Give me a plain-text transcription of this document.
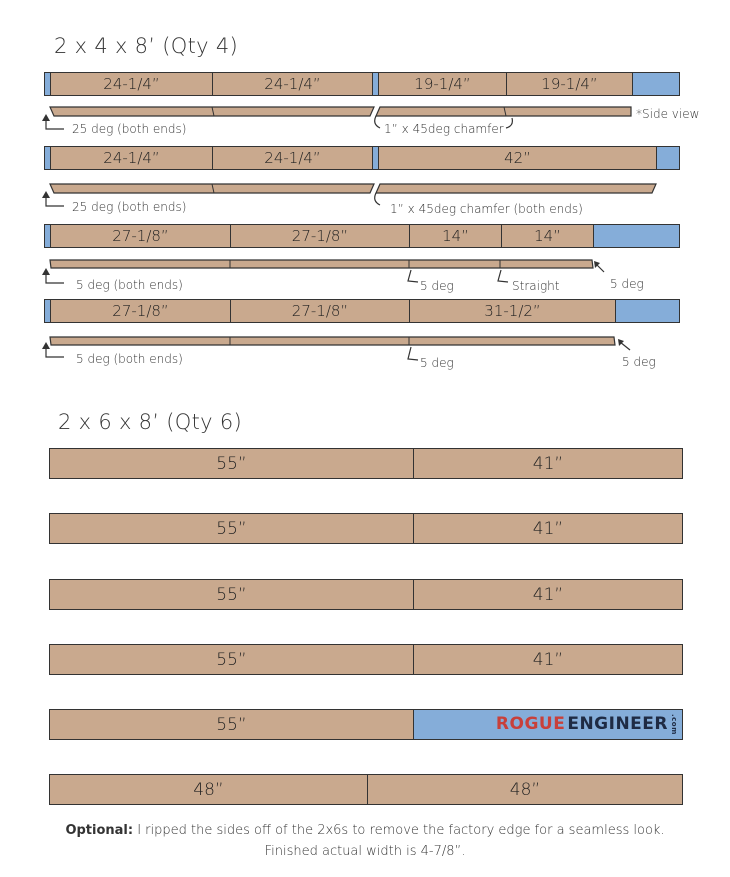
2 x 4 x 8’ (Qty 4)
24-1/4”	24-1/4”	19-1/4”	19-1/4”
25 deg (both ends)	1” x 45deg chamfer
*Side view
24-1/4”	24-1/4”	42”
25 deg (both ends)	1” x 45deg chamfer (both ends)
27-1/8”	27-1/8”	14”	14”
5 deg (both ends)	5 deg	Straight	5 deg
27-1/8”	27-1/8”	31-1/2”
5 deg (both ends)	5 deg	5 deg
2 x 6 x 8’ (Qty 6)
55”	41”
55”	41”
55”	41”
55”	41”
55”	ROGUE ENGINEER .com
48”	48”
Optional: I ripped the sides off of the 2x6s to remove the factory edge for a seamless look.
Finished actual width is 4-7/8”.
